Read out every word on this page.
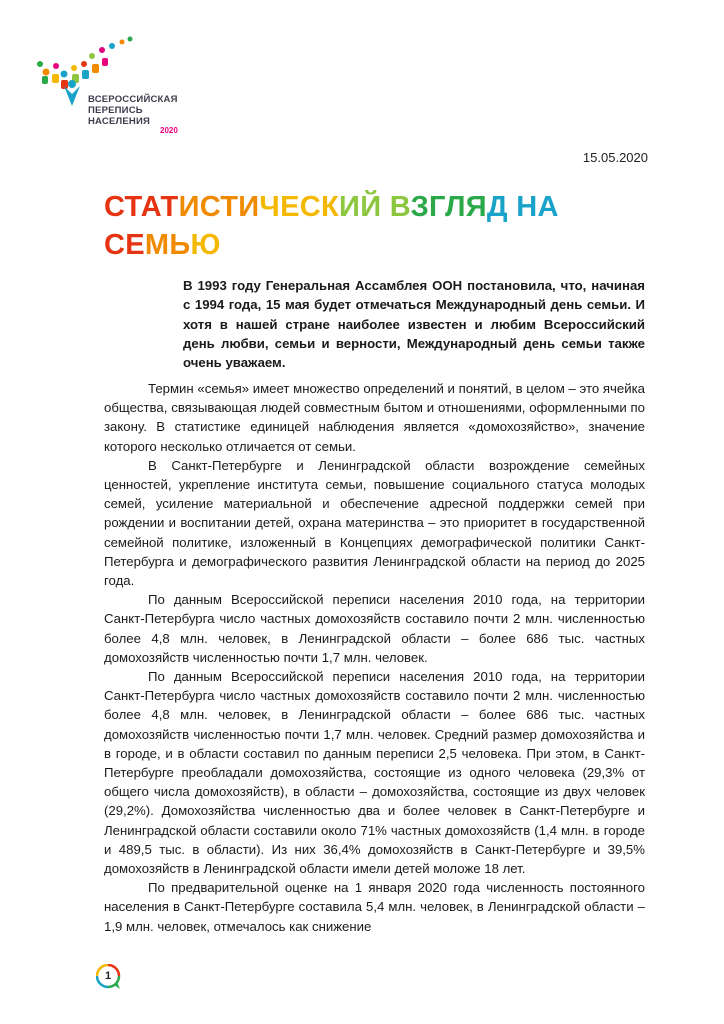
ВСЕРОССИЙСКАЯ
ПЕРЕПИСЬ
НАСЕЛЕНИЯ
2020
15.05.2020
СТАТИСТИЧЕСКИЙ ВЗГЛЯД НА
СЕМЬЮ
В 1993 году Генеральная Ассамблея ООН постановила, что, начиная с 1994 года, 15 мая будет отмечаться Международный день семьи. И хотя в нашей стране наиболее известен и любим Всероссийский день любви, семьи и верности, Международный день семьи также очень уважаем.

Термин «семья» имеет множество определений и понятий, в целом – это ячейка общества, связывающая людей совместным бытом и отношениями, оформленными по закону. В статистике единицей наблюдения является «домохозяйство», значение которого несколько отличается от семьи.

В Санкт-Петербурге и Ленинградской области возрождение семейных ценностей, укрепление института семьи, повышение социального статуса молодых семей, усиление материальной и обеспечение адресной поддержки семей при рождении и воспитании детей, охрана материнства – это приоритет в государственной семейной политике, изложенный в Концепциях демографической политики Санкт-Петербурга и демографического развития Ленинградской области на период до 2025 года.

По данным Всероссийской переписи населения 2010 года, на территории Санкт-Петербурга число частных домохозяйств составило почти 2 млн. численностью более 4,8 млн. человек, в Ленинградской области – более 686 тыс. частных домохозяйств численностью почти 1,7 млн. человек.

По данным Всероссийской переписи населения 2010 года, на территории Санкт-Петербурга число частных домохозяйств составило почти 2 млн. численностью более 4,8 млн. человек, в Ленинградской области – более 686 тыс. частных домохозяйств численностью почти 1,7 млн. человек. Средний размер домохозяйства и в городе, и в области составил по данным переписи 2,5 человека. При этом, в Санкт-Петербурге преобладали домохозяйства, состоящие из одного человека (29,3% от общего числа домохозяйств), в области – домохозяйства, состоящие из двух человек (29,2%). Домохозяйства численностью два и более человек в Санкт-Петербурге и Ленинградской области составили около 71% частных домохозяйств (1,4 млн. в городе и 489,5 тыс. в области). Из них 36,4% домохозяйств в Санкт-Петербурге и 39,5% домохозяйств в Ленинградской области имели детей моложе 18 лет.

По предварительной оценке на 1 января 2020 года численность постоянного населения в Санкт-Петербурге составила 5,4 млн. человек, в Ленинградской области – 1,9 млн. человек, отмечалось как снижение

1
